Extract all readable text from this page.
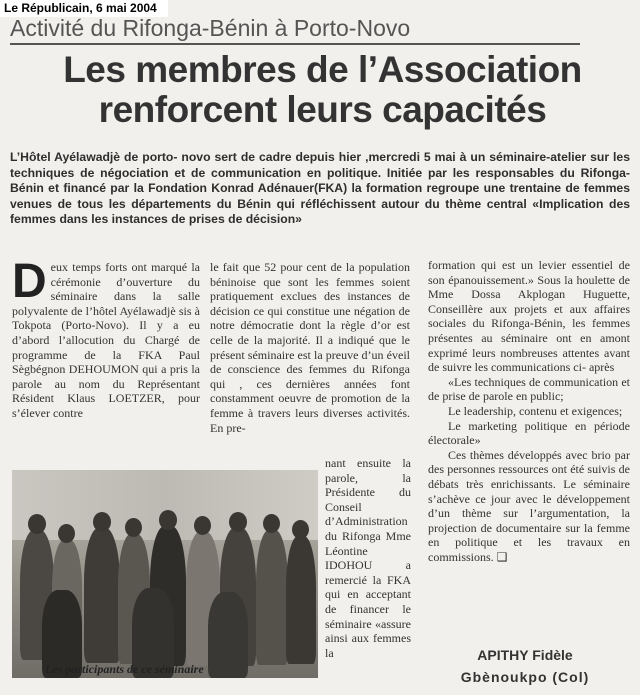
Le Républicain, 6 mai 2004
Activité du Rifonga-Bénin à Porto-Novo
Les membres de l’Association renforcent leurs capacités
L’Hôtel Ayélawadjè de porto- novo sert de cadre depuis hier ,mercredi 5 mai à un séminaire-atelier sur les techniques de négociation et de communication en politique. Initiée par les responsables du Rifonga-Bénin et financé par la Fondation Konrad Adénauer(FKA) la formation regroupe une trentaine de femmes venues de tous les départements du Bénin qui réfléchissent autour du thème central «Implication des femmes dans les instances de prises de décision»
D eux temps forts ont marqué la cérémonie d’ouverture du séminaire dans la salle polyvalente de l’hôtel Ayélawadjè sis à Tokpota (Porto-Novo). Il y a eu d’abord l’allocution du Chargé de programme de la FKA Paul Sègbégnon DEHOUMON qui a pris la parole au nom du Représentant Résident Klaus LOETZER, pour s’élever contre

le fait que 52 pour cent de la population béninoise que sont les femmes soient pratiquement exclues des instances de décision ce qui constitue une négation de notre démocratie dont la règle d’or est celle de la majorité. Il a indiqué que le présent séminaire est la preuve d’un éveil de conscience des femmes du Rifonga qui , ces dernières années font constamment oeuvre de promotion de la femme à travers leurs diverses activités. En pre-

nant ensuite la parole, la Présidente du Conseil d’Administration du Rifonga Mme Léontine IDOHOU a remercié la FKA qui en acceptant de financer le séminaire «assure ainsi aux femmes la

formation qui est un levier essentiel de son épanouissement.» Sous la houlette de Mme Dossa Akplogan Huguette, Conseillère aux projets et aux affaires sociales du Rifonga-Bénin, les femmes présentes au séminaire ont en amont exprimé leurs nombreuses attentes avant de suivre les communications ci- après

«Les techniques de communication et de prise de parole en public;

Le leadership, contenu et exigences;

Le marketing politique en période électorale»

Ces thèmes développés avec brio par des personnes ressources ont été suivis de débats très enrichissants. Le séminaire s’achève ce jour avec le développement d’un thème sur l’argumentation, la projection de documentaire sur la femme en politique et les travaux en commissions. ❑

Les participants de ce séminaire
APITHY Fidèle
Gbènoukpo (Col)
